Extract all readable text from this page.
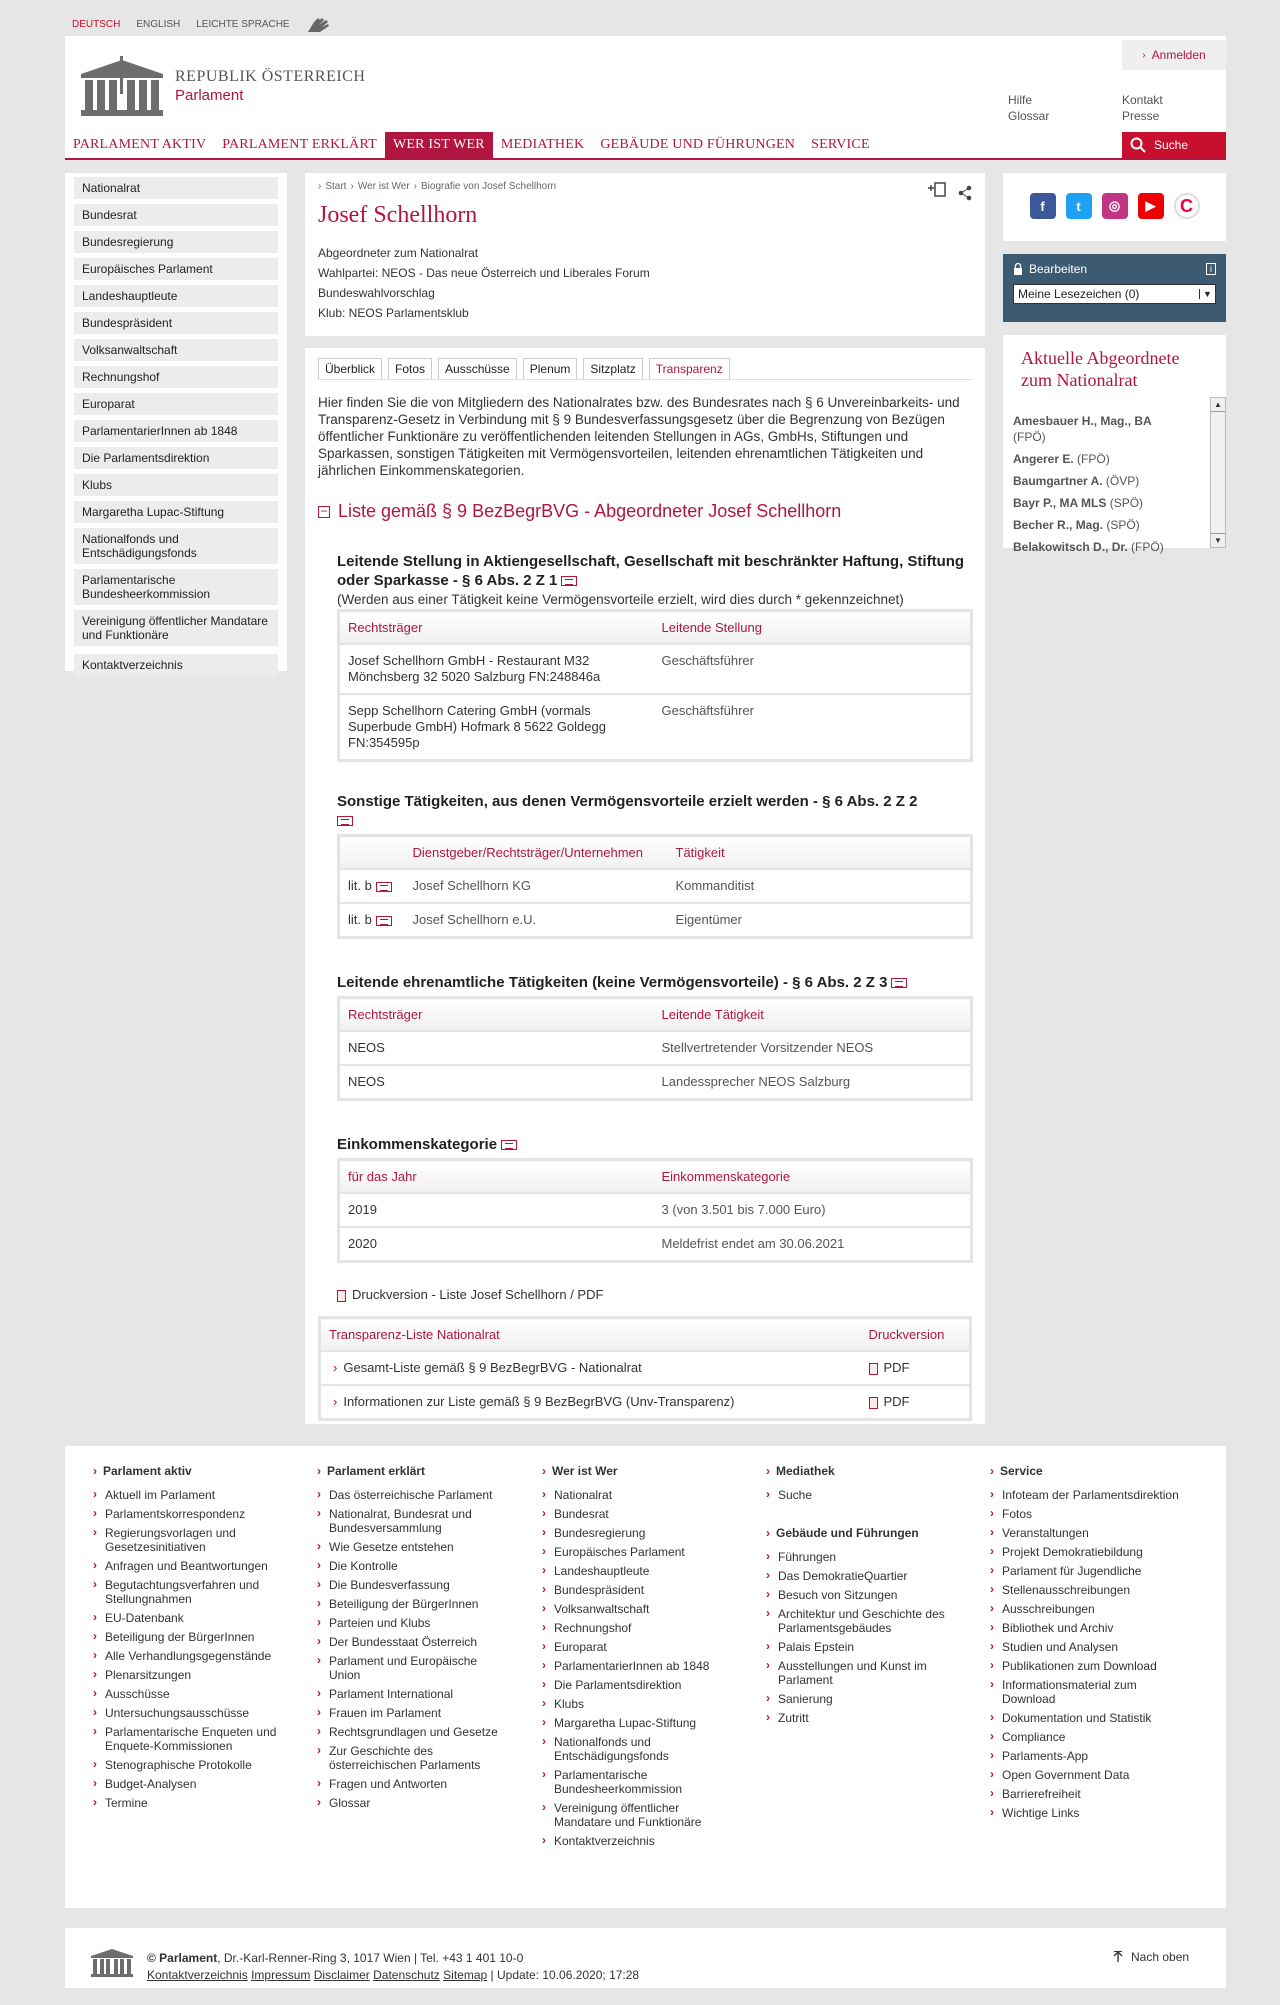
DEUTSCH ENGLISH LEICHTE SPRACHE
REPUBLIK ÖSTERREICH
Parlament
› Anmelden
Hilfe
Glossar
Kontakt
Presse
PARLAMENT AKTIV	PARLAMENT ERKLÄRT	WER IST WER	MEDIATHEK	GEBÄUDE UND FÜHRUNGEN	SERVICE	Suche
Nationalrat
Bundesrat
Bundesregierung
Europäisches Parlament
Landeshauptleute
Bundespräsident
Volksanwaltschaft
Rechnungshof
Europarat
ParlamentarierInnen ab 1848
Die Parlamentsdirektion
Klubs
Margaretha Lupac-Stiftung
Nationalfonds und Entschädigungsfonds
Parlamentarische Bundesheerkommission
Vereinigung öffentlicher Mandatare und Funktionäre
Kontaktverzeichnis
› Start › Wer ist Wer › Biografie von Josef Schellhorn
Josef Schellhorn
Abgeordneter zum Nationalrat
Wahlpartei: NEOS - Das neue Österreich und Liberales Forum
Bundeswahlvorschlag
Klub: NEOS Parlamentsklub
Überblick	Fotos	Ausschüsse	Plenum	Sitzplatz	Transparenz
Hier finden Sie die von Mitgliedern des Nationalrates bzw. des Bundesrates nach § 6 Unvereinbarkeits- und Transparenz-Gesetz in Verbindung mit § 9 Bundesverfassungsgesetz über die Begrenzung von Bezügen öffentlicher Funktionäre zu veröffentlichenden leitenden Stellungen in AGs, GmbHs, Stiftungen und Sparkassen, sonstigen Tätigkeiten mit Vermögensvorteilen, leitenden ehrenamtlichen Tätigkeiten und jährlichen Einkommenskategorien.
− Liste gemäß § 9 BezBegrBVG - Abgeordneter Josef Schellhorn
Leitende Stellung in Aktiengesellschaft, Gesellschaft mit beschränkter Haftung, Stiftung oder Sparkasse - § 6 Abs. 2 Z 1
(Werden aus einer Tätigkeit keine Vermögensvorteile erzielt, wird dies durch * gekennzeichnet)
Rechtsträger	Leitende Stellung
Josef Schellhorn GmbH - Restaurant M32 Mönchsberg 32 5020 Salzburg FN:248846a	Geschäftsführer
Sepp Schellhorn Catering GmbH (vormals Superbude GmbH) Hofmark 8 5622 Goldegg FN:354595p	Geschäftsführer
Sonstige Tätigkeiten, aus denen Vermögensvorteile erzielt werden - § 6 Abs. 2 Z 2

	Dienstgeber/Rechtsträger/Unternehmen	Tätigkeit
lit. b	Josef Schellhorn KG	Kommanditist
lit. b	Josef Schellhorn e.U.	Eigentümer
Leitende ehrenamtliche Tätigkeiten (keine Vermögensvorteile) - § 6 Abs. 2 Z 3
Rechtsträger	Leitende Tätigkeit
NEOS	Stellvertretender Vorsitzender NEOS
NEOS	Landessprecher NEOS Salzburg
Einkommenskategorie
für das Jahr	Einkommenskategorie
2019	3 (von 3.501 bis 7.000 Euro)
2020	Meldefrist endet am 30.06.2021
Druckversion - Liste Josef Schellhorn / PDF
Transparenz-Liste Nationalrat	Druckversion
› Gesamt-Liste gemäß § 9 BezBegrBVG - Nationalrat	PDF
› Informationen zur Liste gemäß § 9 BezBegrBVG (Unv-Transparenz)	PDF
f	t	◎	▶	C
Bearbeiten	i
Meine Lesezeichen (0)	▼
Aktuelle Abgeordnete zum Nationalrat
Amesbauer H., Mag., BA
(FPÖ)
Angerer E. (FPÖ)
Baumgartner A. (ÖVP)
Bayr P., MA MLS (SPÖ)
Becher R., Mag. (SPÖ)
Belakowitsch D., Dr. (FPÖ)
▲
▼
› Parlament aktiv
› Aktuell im Parlament
› Parlamentskorrespondenz
› Regierungsvorlagen und Gesetzesinitiativen
› Anfragen und Beantwortungen
› Begutachtungsverfahren und Stellungnahmen
› EU-Datenbank
› Beteiligung der BürgerInnen
› Alle Verhandlungsgegenstände
› Plenarsitzungen
› Ausschüsse
› Untersuchungsausschüsse
› Parlamentarische Enqueten und Enquete-Kommissionen
› Stenographische Protokolle
› Budget-Analysen
› Termine
› Parlament erklärt
› Das österreichische Parlament
› Nationalrat, Bundesrat und Bundesversammlung
› Wie Gesetze entstehen
› Die Kontrolle
› Die Bundesverfassung
› Beteiligung der BürgerInnen
› Parteien und Klubs
› Der Bundesstaat Österreich
› Parlament und Europäische Union
› Parlament International
› Frauen im Parlament
› Rechtsgrundlagen und Gesetze
› Zur Geschichte des österreichischen Parlaments
› Fragen und Antworten
› Glossar
› Wer ist Wer
› Nationalrat
› Bundesrat
› Bundesregierung
› Europäisches Parlament
› Landeshauptleute
› Bundespräsident
› Volksanwaltschaft
› Rechnungshof
› Europarat
› ParlamentarierInnen ab 1848
› Die Parlamentsdirektion
› Klubs
› Margaretha Lupac-Stiftung
› Nationalfonds und Entschädigungsfonds
› Parlamentarische Bundesheerkommission
› Vereinigung öffentlicher Mandatare und Funktionäre
› Kontaktverzeichnis
› Mediathek
› Suche
› Gebäude und Führungen
› Führungen
› Das DemokratieQuartier
› Besuch von Sitzungen
› Architektur und Geschichte des Parlamentsgebäudes
› Palais Epstein
› Ausstellungen und Kunst im Parlament
› Sanierung
› Zutritt
› Service
› Infoteam der Parlamentsdirektion
› Fotos
› Veranstaltungen
› Projekt Demokratiebildung
› Parlament für Jugendliche
› Stellenausschreibungen
› Ausschreibungen
› Bibliothek und Archiv
› Studien und Analysen
› Publikationen zum Download
› Informationsmaterial zum Download
› Dokumentation und Statistik
› Compliance
› Parlaments-App
› Open Government Data
› Barrierefreiheit
› Wichtige Links
© Parlament, Dr.-Karl-Renner-Ring 3, 1017 Wien | Tel. +43 1 401 10-0
Kontaktverzeichnis Impressum Disclaimer Datenschutz Sitemap | Update: 10.06.2020; 17:28
Nach oben
